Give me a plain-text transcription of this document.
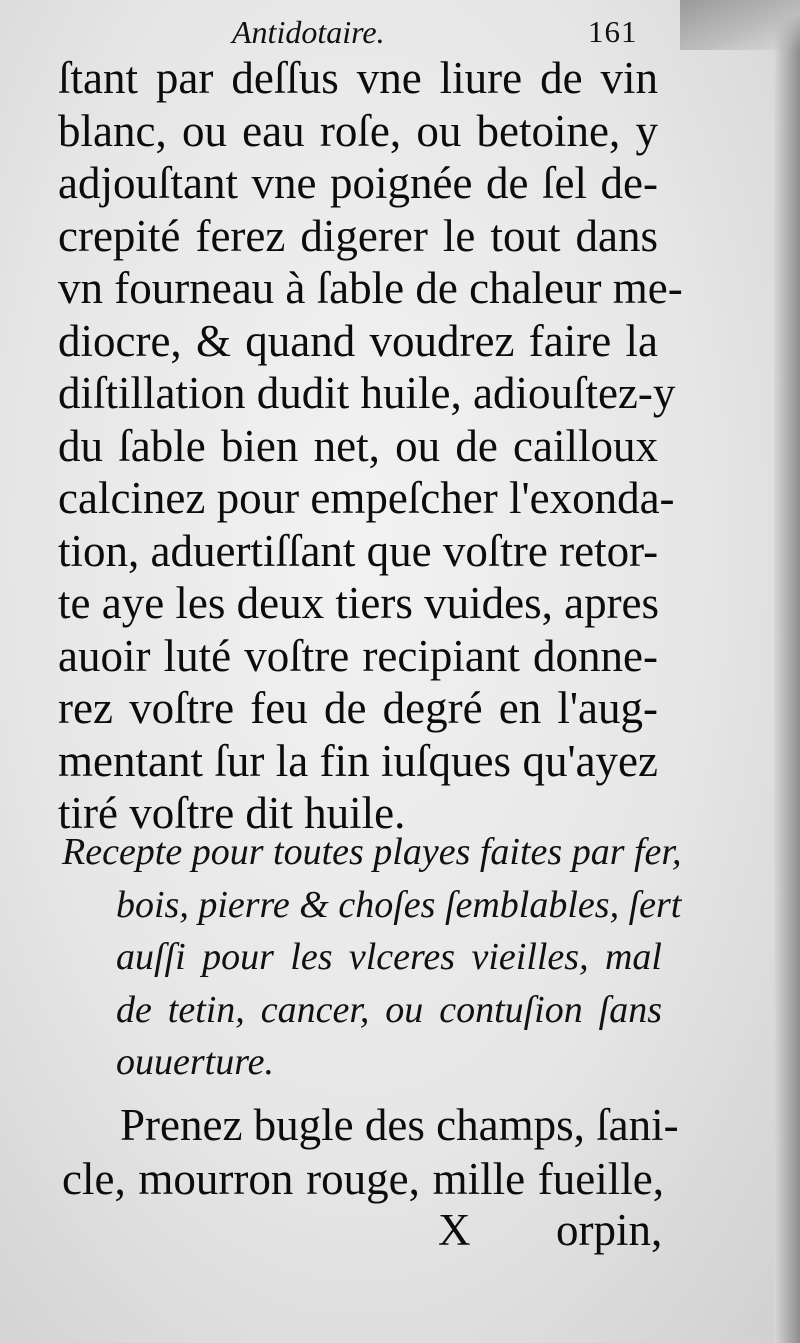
Antidotaire.	161
ſtant par deſſus vne liure de vin
blanc, ou eau roſe, ou betoine, y
adjouſtant vne poignée de ſel de-
crepité ferez digerer le tout dans
vn fourneau à ſable de chaleur me-
diocre, & quand voudrez faire la
diſtillation dudit huile, adiouſtez-y
du ſable bien net, ou de cailloux
calcinez pour empeſcher l'exonda-
tion, aduertiſſant que voſtre retor-
te aye les deux tiers vuides, apres
auoir luté voſtre recipiant donne-
rez voſtre feu de degré en l'aug-
mentant ſur la fin iuſques qu'ayez
tiré voſtre dit huile.
Recepte pour toutes playes faites par fer,
bois, pierre & choſes ſemblables, ſert
auſſi pour les vlceres vieilles, mal
de tetin, cancer, ou contuſion ſans
ouuerture.
Prenez bugle des champs, ſani-
cle, mourron rouge, mille fueille,
X orpin,
